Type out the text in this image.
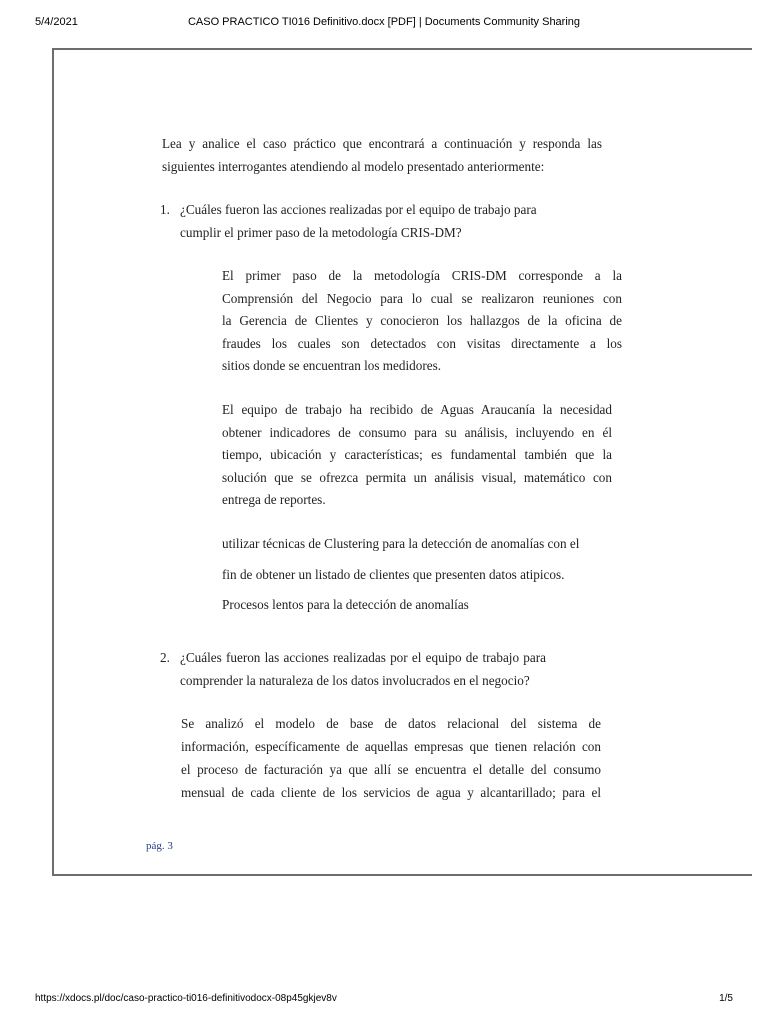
5/4/2021	CASO PRACTICO TI016 Definitivo.docx [PDF] | Documents Community Sharing
Lea y analice el caso práctico que encontrará a continuación y responda las
siguientes interrogantes atendiendo al modelo presentado anteriormente:
1. ¿Cuáles fueron las acciones realizadas por el equipo de trabajo para
cumplir el primer paso de la metodología CRIS-DM?
El primer paso de la metodología CRIS-DM corresponde a la
Comprensión del Negocio para lo cual se realizaron reuniones con
la Gerencia de Clientes y conocieron los hallazgos de la oficina de
fraudes los cuales son detectados con visitas directamente a los
sitios donde se encuentran los medidores.
El equipo de trabajo ha recibido de Aguas Araucanía la necesidad
obtener indicadores de consumo para su análisis, incluyendo en él
tiempo, ubicación y características; es fundamental también que la
solución que se ofrezca permita un análisis visual, matemático con
entrega de reportes.
utilizar técnicas de Clustering para la detección de anomalías con el
fin de obtener un listado de clientes que presenten datos atipicos.
Procesos lentos para la detección de anomalías
2. ¿Cuáles fueron las acciones realizadas por el equipo de trabajo para
comprender la naturaleza de los datos involucrados en el negocio?
Se analizó el modelo de base de datos relacional del sistema de
información, específicamente de aquellas empresas que tienen relación con
el proceso de facturación ya que allí se encuentra el detalle del consumo
mensual de cada cliente de los servicios de agua y alcantarillado; para el
pág. 3
https://xdocs.pl/doc/caso-practico-ti016-definitivodocx-08p45gkjev8v	1/5
